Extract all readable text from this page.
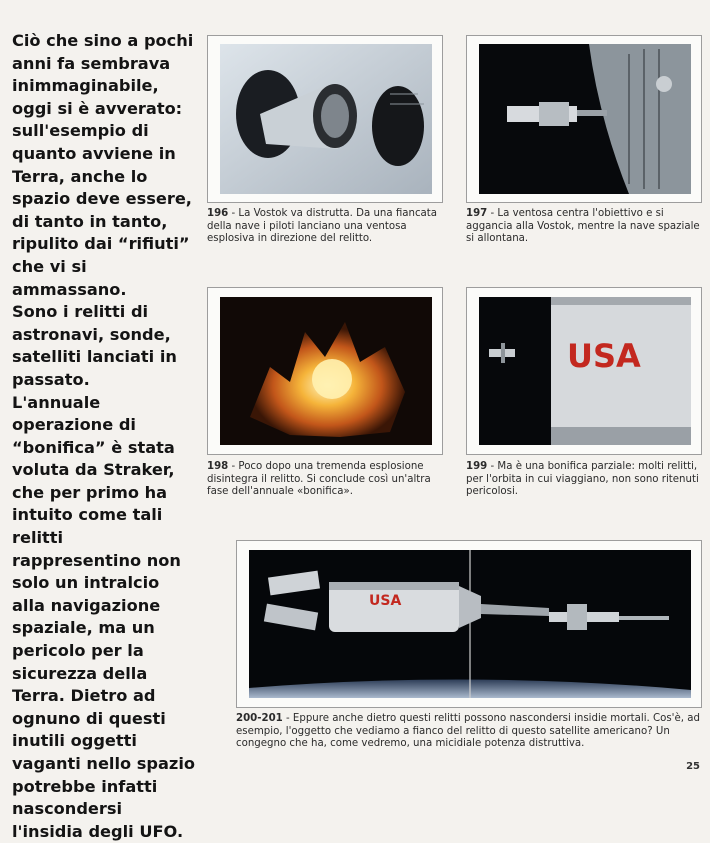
Ciò che sino a pochi anni fa sembrava inimmaginabile, oggi si è avverato: sull'esempio di quanto avviene in Terra, anche lo spazio deve essere, di tanto in tanto, ripulito dai “rifiuti” che vi si ammassano.

Sono i relitti di astronavi, sonde, satelliti lanciati in passato.

L'annuale operazione di “bonifica” è stata voluta da Straker, che per primo ha intuito come tali relitti rappresentino non solo un intralcio alla navigazione spaziale, ma un pericolo per la sicurezza della Terra. Dietro ad ognuno di questi inutili oggetti vaganti nello spazio potrebbe infatti nascondersi l'insidia degli UFO.

196 - La Vostok va distrutta. Da una fiancata della nave i piloti lanciano una ventosa esplosiva in direzione del relitto.
197 - La ventosa centra l'obiettivo e si aggancia alla Vostok, mentre la nave spaziale si allontana.
198 - Poco dopo una tremenda esplosione disintegra il relitto. Si conclude così un'altra fase dell'annuale «bonifica».
USA
199 - Ma è una bonifica parziale: molti relitti, per l'orbita in cui viaggiano, non sono ritenuti pericolosi.
USA
200-201 - Eppure anche dietro questi relitti possono nascondersi insidie mortali. Cos'è, ad esempio, l'oggetto che vediamo a fianco del relitto di questo satellite americano? Un congegno che ha, come vedremo, una micidiale potenza distruttiva.
25
